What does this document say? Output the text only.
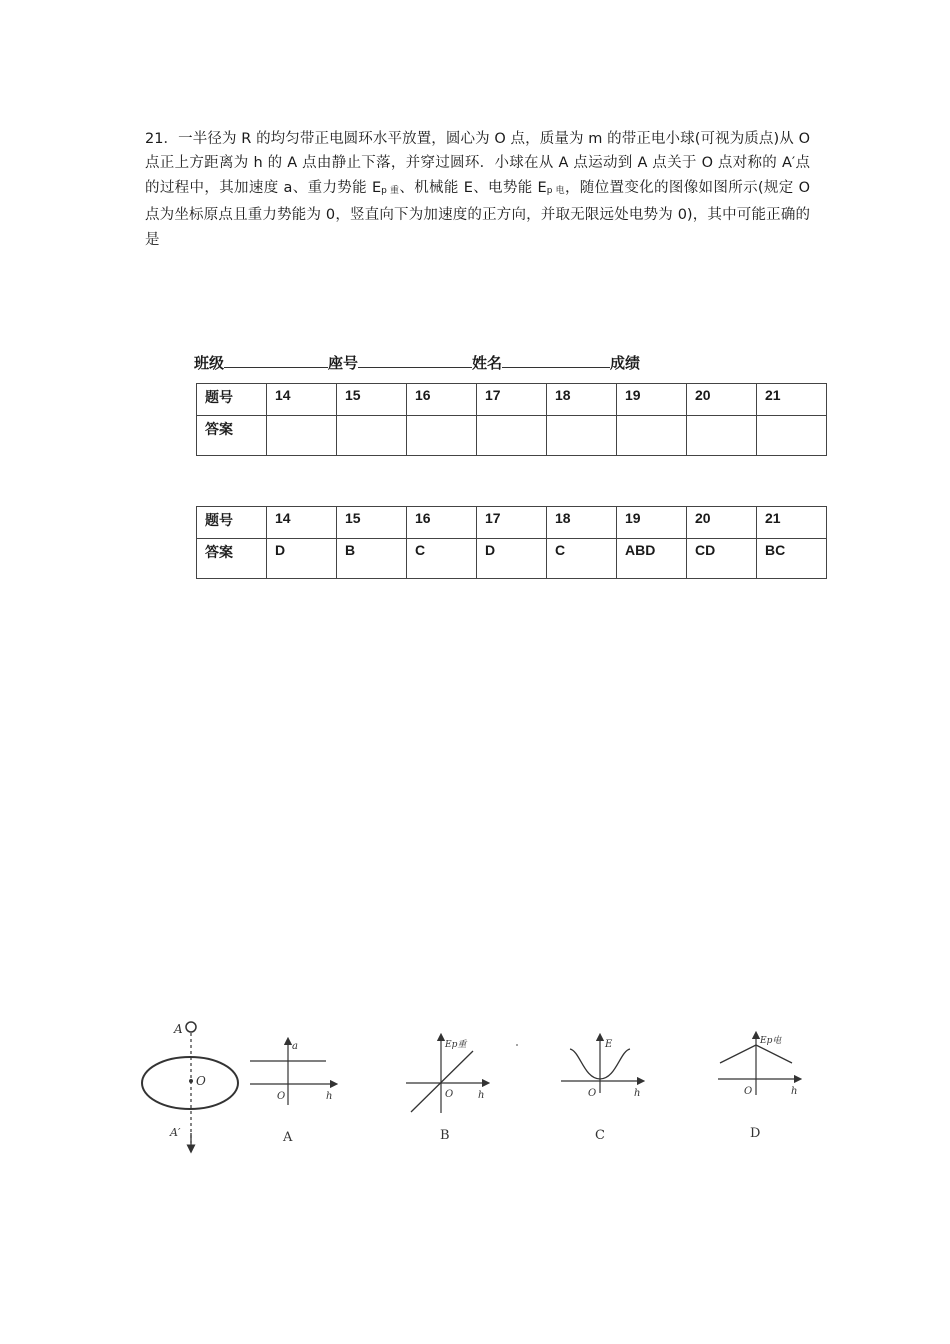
21．一半径为 R 的均匀带正电圆环水平放置，圆心为 O 点，质量为 m 的带正电小球(可视为质点)从 O 点正上方距离为 h 的 A 点由静止下落，并穿过圆环．小球在从 A 点运动到 A 点关于 O 点对称的 A′点的过程中，其加速度 a、重力势能 $E_{p 重}$、机械能 E、电势能 $E_{p 电}$，随位置变化的图像如图所示(规定 O 点为坐标原点且重力势能为 0，竖直向下为加速度的正方向，并取无限远处电势为 0)，其中可能正确的是
班级	座号	姓名	成绩
题号	14	15	16	17	18	19	20	21
答案								
题号	14	15	16	17	18	19	20	21
答案	D	B	C	D	C	ABD	CD	BC
A
O
A′
a
O	h
A
Ep重
O h
B
E
O	h
C
Ep电
O	h
D
